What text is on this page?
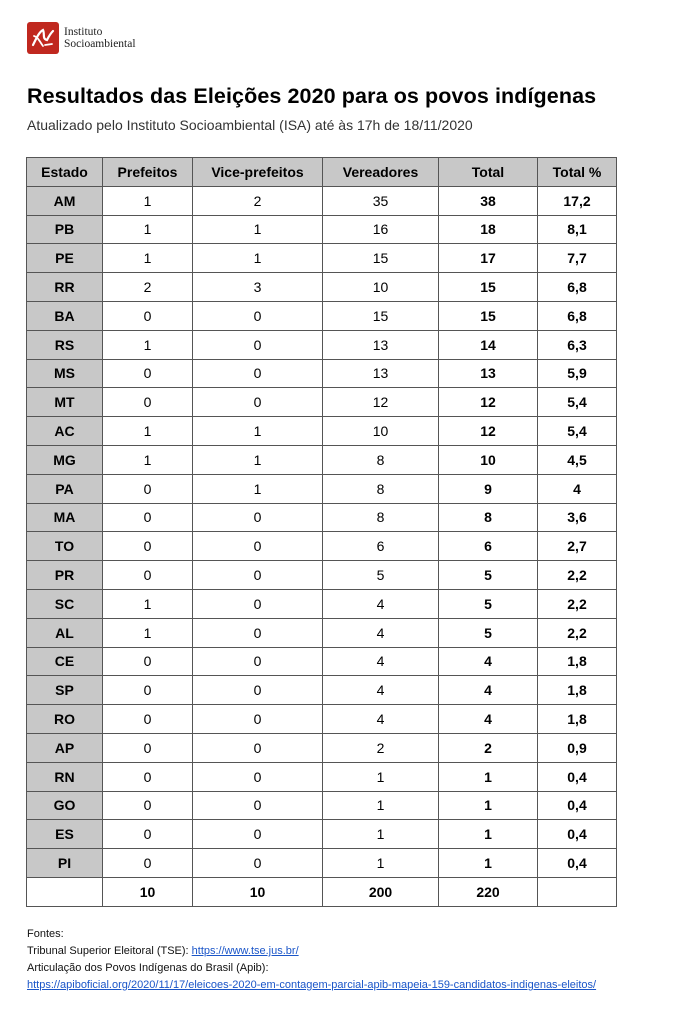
Instituto
Socioambiental
Resultados das Eleições 2020 para os povos indígenas
Atualizado pelo Instituto Socioambiental (ISA) até às 17h de 18/11/2020
Estado	Prefeitos	Vice-prefeitos	Vereadores	Total	Total %
AM	1	2	35	38	17,2
PB	1	1	16	18	8,1
PE	1	1	15	17	7,7
RR	2	3	10	15	6,8
BA	0	0	15	15	6,8
RS	1	0	13	14	6,3
MS	0	0	13	13	5,9
MT	0	0	12	12	5,4
AC	1	1	10	12	5,4
MG	1	1	8	10	4,5
PA	0	1	8	9	4
MA	0	0	8	8	3,6
TO	0	0	6	6	2,7
PR	0	0	5	5	2,2
SC	1	0	4	5	2,2
AL	1	0	4	5	2,2
CE	0	0	4	4	1,8
SP	0	0	4	4	1,8
RO	0	0	4	4	1,8
AP	0	0	2	2	0,9
RN	0	0	1	1	0,4
GO	0	0	1	1	0,4
ES	0	0	1	1	0,4
PI	0	0	1	1	0,4
	10	10	200	220	
Fontes:
Tribunal Superior Eleitoral (TSE): https://www.tse.jus.br/
Articulação dos Povos Indígenas do Brasil (Apib):
https://apiboficial.org/2020/11/17/eleicoes-2020-em-contagem-parcial-apib-mapeia-159-candidatos-indigenas-eleitos/
